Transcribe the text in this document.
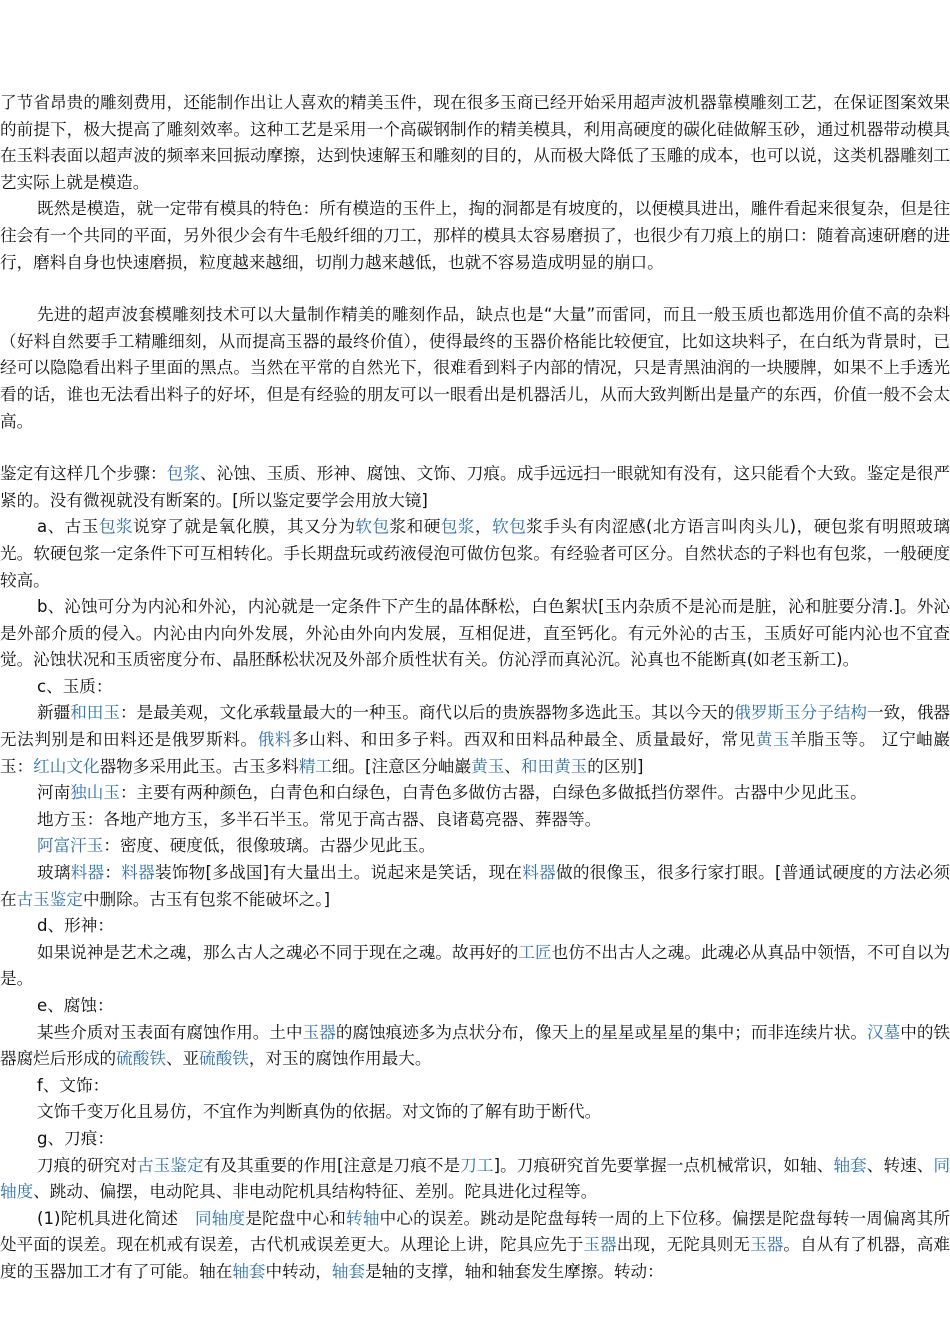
了节省昂贵的雕刻费用，还能制作出让人喜欢的精美玉件，现在很多玉商已经开始采用超声波机器靠模雕刻工艺，在保证图案效果的前提下，极大提高了雕刻效率。这种工艺是采用一个高碳钢制作的精美模具，利用高硬度的碳化硅做解玉砂，通过机器带动模具在玉料表面以超声波的频率来回振动摩擦，达到快速解玉和雕刻的目的，从而极大降低了玉雕的成本，也可以说，这类机器雕刻工艺实际上就是模造。

既然是模造，就一定带有模具的特色：所有模造的玉件上，掏的洞都是有坡度的，以便模具进出，雕件看起来很复杂，但是往往会有一个共同的平面，另外很少会有牛毛般纤细的刀工，那样的模具太容易磨损了，也很少有刀痕上的崩口：随着高速研磨的进行，磨料自身也快速磨损，粒度越来越细，切削力越来越低，也就不容易造成明显的崩口。

先进的超声波套模雕刻技术可以大量制作精美的雕刻作品，缺点也是“大量”而雷同，而且一般玉质也都选用价值不高的杂料（好料自然要手工精雕细刻，从而提高玉器的最终价值），使得最终的玉器价格能比较便宜，比如这块料子，在白纸为背景时，已经可以隐隐看出料子里面的黑点。当然在平常的自然光下，很难看到料子内部的情况，只是青黑油润的一块腰牌，如果不上手透光看的话，谁也无法看出料子的好坏，但是有经验的朋友可以一眼看出是机器活儿，从而大致判断出是量产的东西，价值一般不会太高。

鉴定有这样几个步骤：包浆、沁蚀、玉质、形神、腐蚀、文饰、刀痕。成手远远扫一眼就知有没有，这只能看个大致。鉴定是很严紧的。没有微视就没有断案的。[所以鉴定要学会用放大镜]

a、古玉包浆说穿了就是氧化膜，其又分为软包浆和硬包浆，软包浆手头有肉涩感(北方语言叫肉头儿)，硬包浆有明照玻璃光。软硬包浆一定条件下可互相转化。手长期盘玩或药液侵泡可做仿包浆。有经验者可区分。自然状态的子料也有包浆，一般硬度较高。

b、沁蚀可分为内沁和外沁，内沁就是一定条件下产生的晶体酥松，白色絮状[玉内杂质不是沁而是脏，沁和脏要分清.]。外沁是外部介质的侵入。内沁由内向外发展，外沁由外向内发展，互相促进，直至钙化。有元外沁的古玉，玉质好可能内沁也不宜查觉。沁蚀状况和玉质密度分布、晶胚酥松状况及外部介质性状有关。仿沁浮而真沁沉。沁真也不能断真(如老玉新工)。

c、玉质：

新疆和田玉：是最美观，文化承载量最大的一种玉。商代以后的贵族器物多选此玉。其以今天的俄罗斯玉分子结构一致，俄器无法判别是和田料还是俄罗斯料。俄料多山料、和田多子料。西双和田料品种最全、质量最好，常见黄玉羊脂玉等。 辽宁岫巖玉：红山文化器物多采用此玉。古玉多料精工细。[注意区分岫巖黄玉、和田黄玉的区别]

河南独山玉：主要有两种颜色，白青色和白绿色，白青色多做仿古器，白绿色多做抵挡仿翠件。古器中少见此玉。

地方玉：各地产地方玉，多半石半玉。常见于高古器、良诸葛亮器、葬器等。

阿富汗玉：密度、硬度低，很像玻璃。古器少见此玉。

玻璃料器：料器装饰物[多战国]有大量出土。说起来是笑话，现在料器做的很像玉，很多行家打眼。[普通试硬度的方法必须在古玉鉴定中删除。古玉有包浆不能破坏之。]

d、形神：

如果说神是艺术之魂，那么古人之魂必不同于现在之魂。故再好的工匠也仿不出古人之魂。此魂必从真品中领悟，不可自以为是。

e、腐蚀：

某些介质对玉表面有腐蚀作用。土中玉器的腐蚀痕迹多为点状分布，像天上的星星或星星的集中；而非连续片状。汉墓中的铁器腐烂后形成的硫酸铁、亚硫酸铁，对玉的腐蚀作用最大。

f、文饰：

文饰千变万化且易仿，不宜作为判断真伪的依据。对文饰的了解有助于断代。

g、刀痕：

刀痕的研究对古玉鉴定有及其重要的作用[注意是刀痕不是刀工]。刀痕研究首先要掌握一点机械常识，如轴、轴套、转速、同轴度、跳动、偏摆，电动陀具、非电动陀机具结构特征、差别。陀具进化过程等。

(1)陀机具进化简述　同轴度是陀盘中心和转轴中心的误差。跳动是陀盘每转一周的上下位移。偏摆是陀盘每转一周偏离其所处平面的误差。现在机戒有误差，古代机戒误差更大。从理论上讲，陀具应先于玉器出现，无陀具则无玉器。自从有了机器，高难度的玉器加工才有了可能。轴在轴套中转动，轴套是轴的支撑，轴和轴套发生摩擦。转动：
